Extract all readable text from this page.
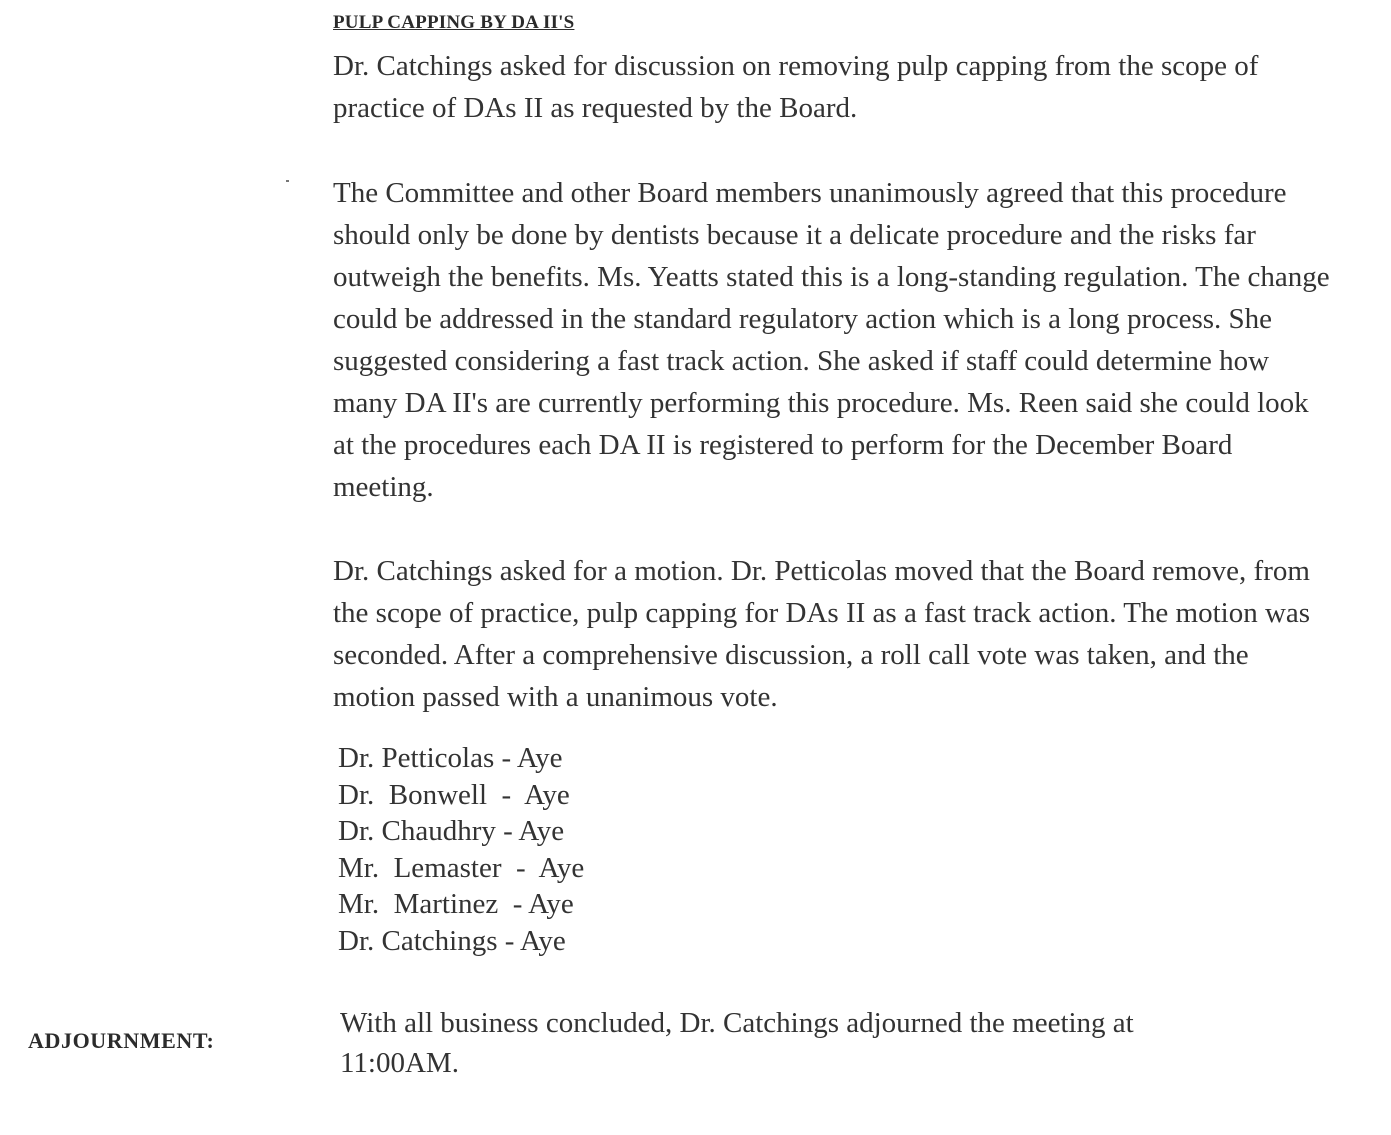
PULP CAPPING BY DA II'S

Dr. Catchings asked for discussion on removing pulp capping from the scope of practice of DAs II as requested by the Board.

The Committee and other Board members unanimously agreed that this procedure should only be done by dentists because it a delicate procedure and the risks far outweigh the benefits. Ms. Yeatts stated this is a long-standing regulation. The change could be addressed in the standard regulatory action which is a long process. She suggested considering a fast track action. She asked if staff could determine how many DA II's are currently performing this procedure. Ms. Reen said she could look at the procedures each DA II is registered to perform for the December Board meeting.

Dr. Catchings asked for a motion. Dr. Petticolas moved that the Board remove, from the scope of practice, pulp capping for DAs II as a fast track action. The motion was seconded. After a comprehensive discussion, a roll call vote was taken, and the motion passed with a unanimous vote.

Dr. Petticolas - Aye
Dr.  Bonwell  -  Aye
Dr. Chaudhry - Aye
Mr.  Lemaster  -  Aye
Mr.  Martinez  - Aye
Dr. Catchings - Aye
ADJOURNMENT:

With all business concluded, Dr. Catchings adjourned the meeting at 11:00AM.
